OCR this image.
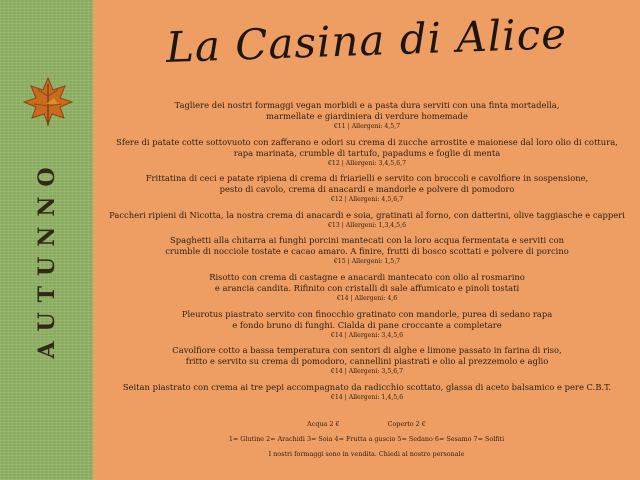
AUTUNNO
La Casina di Alice
Tagliere dei nostri formaggi vegan morbidi e a pasta dura serviti con una finta mortadella,
marmellate e giardiniera di verdure homemade
€11 | Allergeni: 4,5,7
Sfere di patate cotte sottovuoto con zafferano e odori su crema di zucche arrostite e maionese dal loro olio di cottura,
rapa marinata, crumble di tartufo, papadums e foglie di menta
€12 | Allergeni: 3,4,5,6,7
Frittatina di ceci e patate ripiena di crema di friarielli e servito con broccoli e cavolfiore in sospensione,
pesto di cavolo, crema di anacardi e mandorle e polvere di pomodoro
€12 | Allergeni: 4,5,6,7
Paccheri ripieni di Nicotta, la nostra crema di anacardi e soia, gratinati al forno, con datterini, olive taggiasche e capperi
€13 | Allergeni: 1,3,4,5,6
Spaghetti alla chitarra ai funghi porcini mantecati con la loro acqua fermentata e serviti con
crumble di nocciole tostate e cacao amaro. A finire, frutti di bosco scottati e polvere di porcino
€15 | Allergeni: 1,5,7
Risotto con crema di castagne e anacardi mantecato con olio al rosmarino
e arancia candita. Rifinito con cristalli di sale affumicato e pinoli tostati
€14 | Allergeni: 4,6
Pleurotus piastrato servito con finocchio gratinato con mandorle, purea di sedano rapa
e fondo bruno di funghi. Cialda di pane croccante a completare
€14 | Allergeni: 3,4,5,6
Cavolfiore cotto a bassa temperatura con sentori di alghe e limone passato in farina di riso,
fritto e servito su crema di pomodoro, cannellini piastrati e olio al prezzemolo e aglio
€14 | Allergeni: 3,5,6,7
Seitan piastrato con crema ai tre pepi accompagnato da radicchio scottato, glassa di aceto balsamico e pere C.B.T.
€14 | Allergeni: 1,4,5,6
Acqua 2 €	Coperto 2 €
1= Glutine 2= Arachidi 3= Soia 4= Frutta a guscio 5= Sedano 6= Sesamo 7= Solfiti
I nostri formaggi sono in vendita. Chiedi al nostro personale
